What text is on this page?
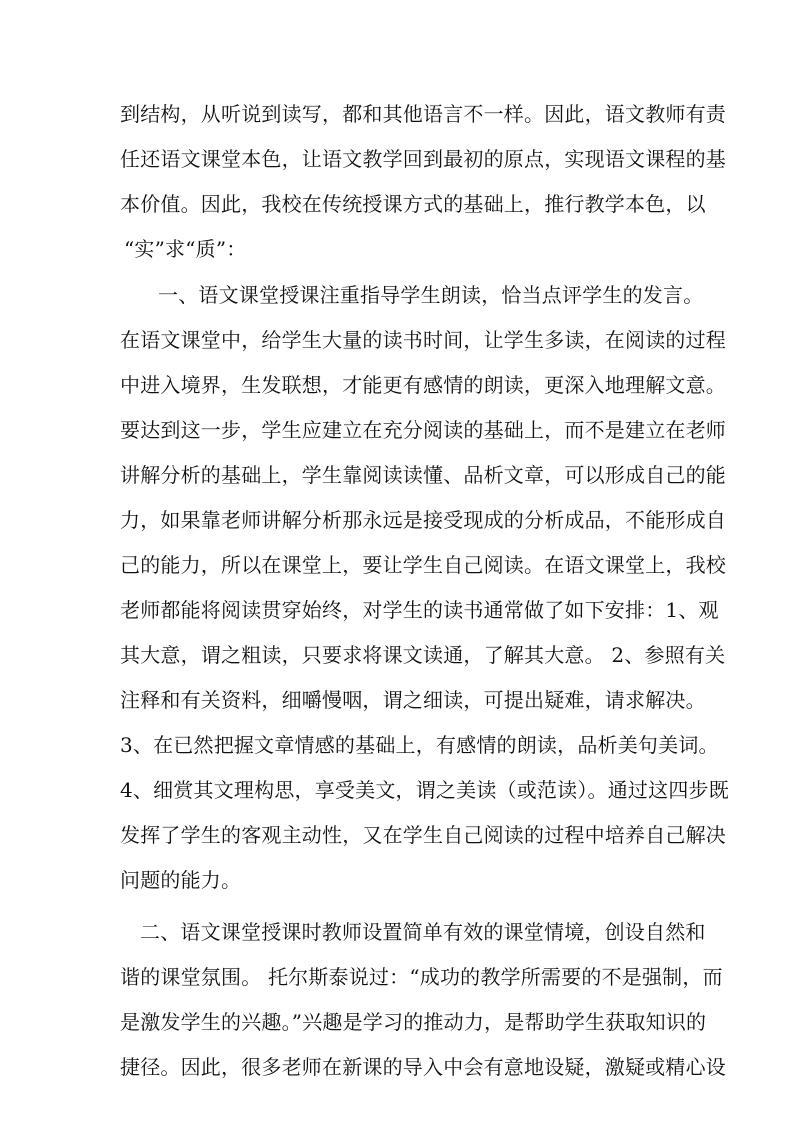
到结构，从听说到读写，都和其他语言不一样。因此，语文教师有责
任还语文课堂本色，让语文教学回到最初的原点，实现语文课程的基
本价值。因此，我校在传统授课方式的基础上，推行教学本色，以
“实”求“质”：
一、语文课堂授课注重指导学生朗读，恰当点评学生的发言。
在语文课堂中，给学生大量的读书时间，让学生多读，在阅读的过程
中进入境界，生发联想，才能更有感情的朗读，更深入地理解文意。
要达到这一步，学生应建立在充分阅读的基础上，而不是建立在老师
讲解分析的基础上，学生靠阅读读懂、品析文章，可以形成自己的能
力，如果靠老师讲解分析那永远是接受现成的分析成品，不能形成自
己的能力，所以在课堂上，要让学生自己阅读。在语文课堂上，我校
老师都能将阅读贯穿始终，对学生的读书通常做了如下安排：1、观
其大意，谓之粗读，只要求将课文读通，了解其大意。 2、参照有关
注释和有关资料，细嚼慢咽，谓之细读，可提出疑难，请求解决。
3、在已然把握文章情感的基础上，有感情的朗读，品析美句美词。
4、细赏其文理构思，享受美文，谓之美读（或范读）。通过这四步既
发挥了学生的客观主动性，又在学生自己阅读的过程中培养自己解决
问题的能力。
二、语文课堂授课时教师设置简单有效的课堂情境，创设自然和
谐的课堂氛围。 托尔斯泰说过：“成功的教学所需要的不是强制，而
是激发学生的兴趣。”兴趣是学习的推动力，是帮助学生获取知识的
捷径。因此，很多老师在新课的导入中会有意地设疑，激疑或精心设
